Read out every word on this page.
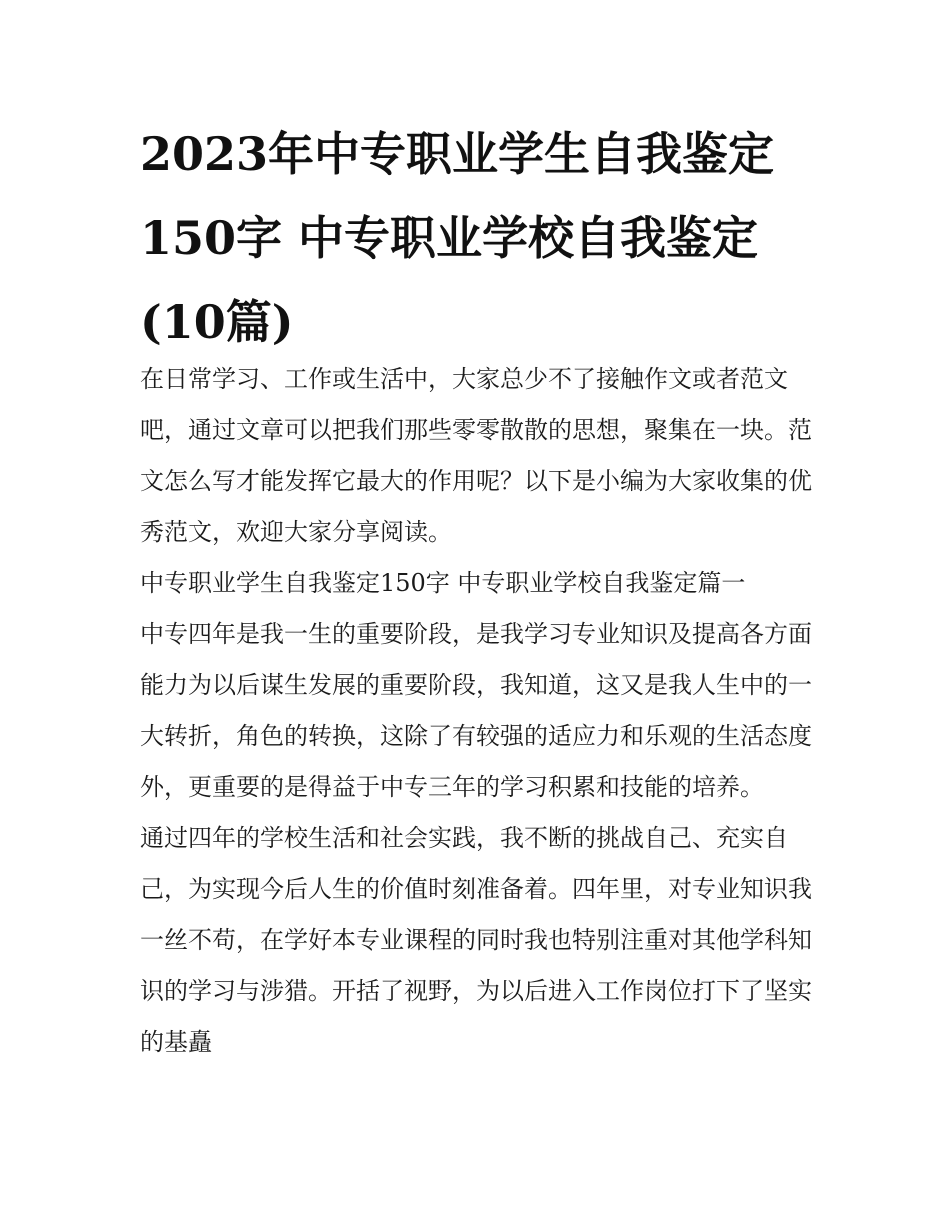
2023年中专职业学生自我鉴定150字 中专职业学校自我鉴定(10篇)

在日常学习、工作或生活中，大家总少不了接触作文或者范文吧，通过文章可以把我们那些零零散散的思想，聚集在一块。范文怎么写才能发挥它最大的作用呢？以下是小编为大家收集的优秀范文，欢迎大家分享阅读。

中专职业学生自我鉴定150字 中专职业学校自我鉴定篇一

中专四年是我一生的重要阶段，是我学习专业知识及提高各方面能力为以后谋生发展的重要阶段，我知道，这又是我人生中的一大转折，角色的转换，这除了有较强的适应力和乐观的生活态度外，更重要的是得益于中专三年的学习积累和技能的培养。

通过四年的学校生活和社会实践，我不断的挑战自己、充实自己，为实现今后人生的价值时刻准备着。四年里，对专业知识我一丝不苟，在学好本专业课程的同时我也特别注重对其他学科知识的学习与涉猎。开括了视野，为以后进入工作岗位打下了坚实的基矗
